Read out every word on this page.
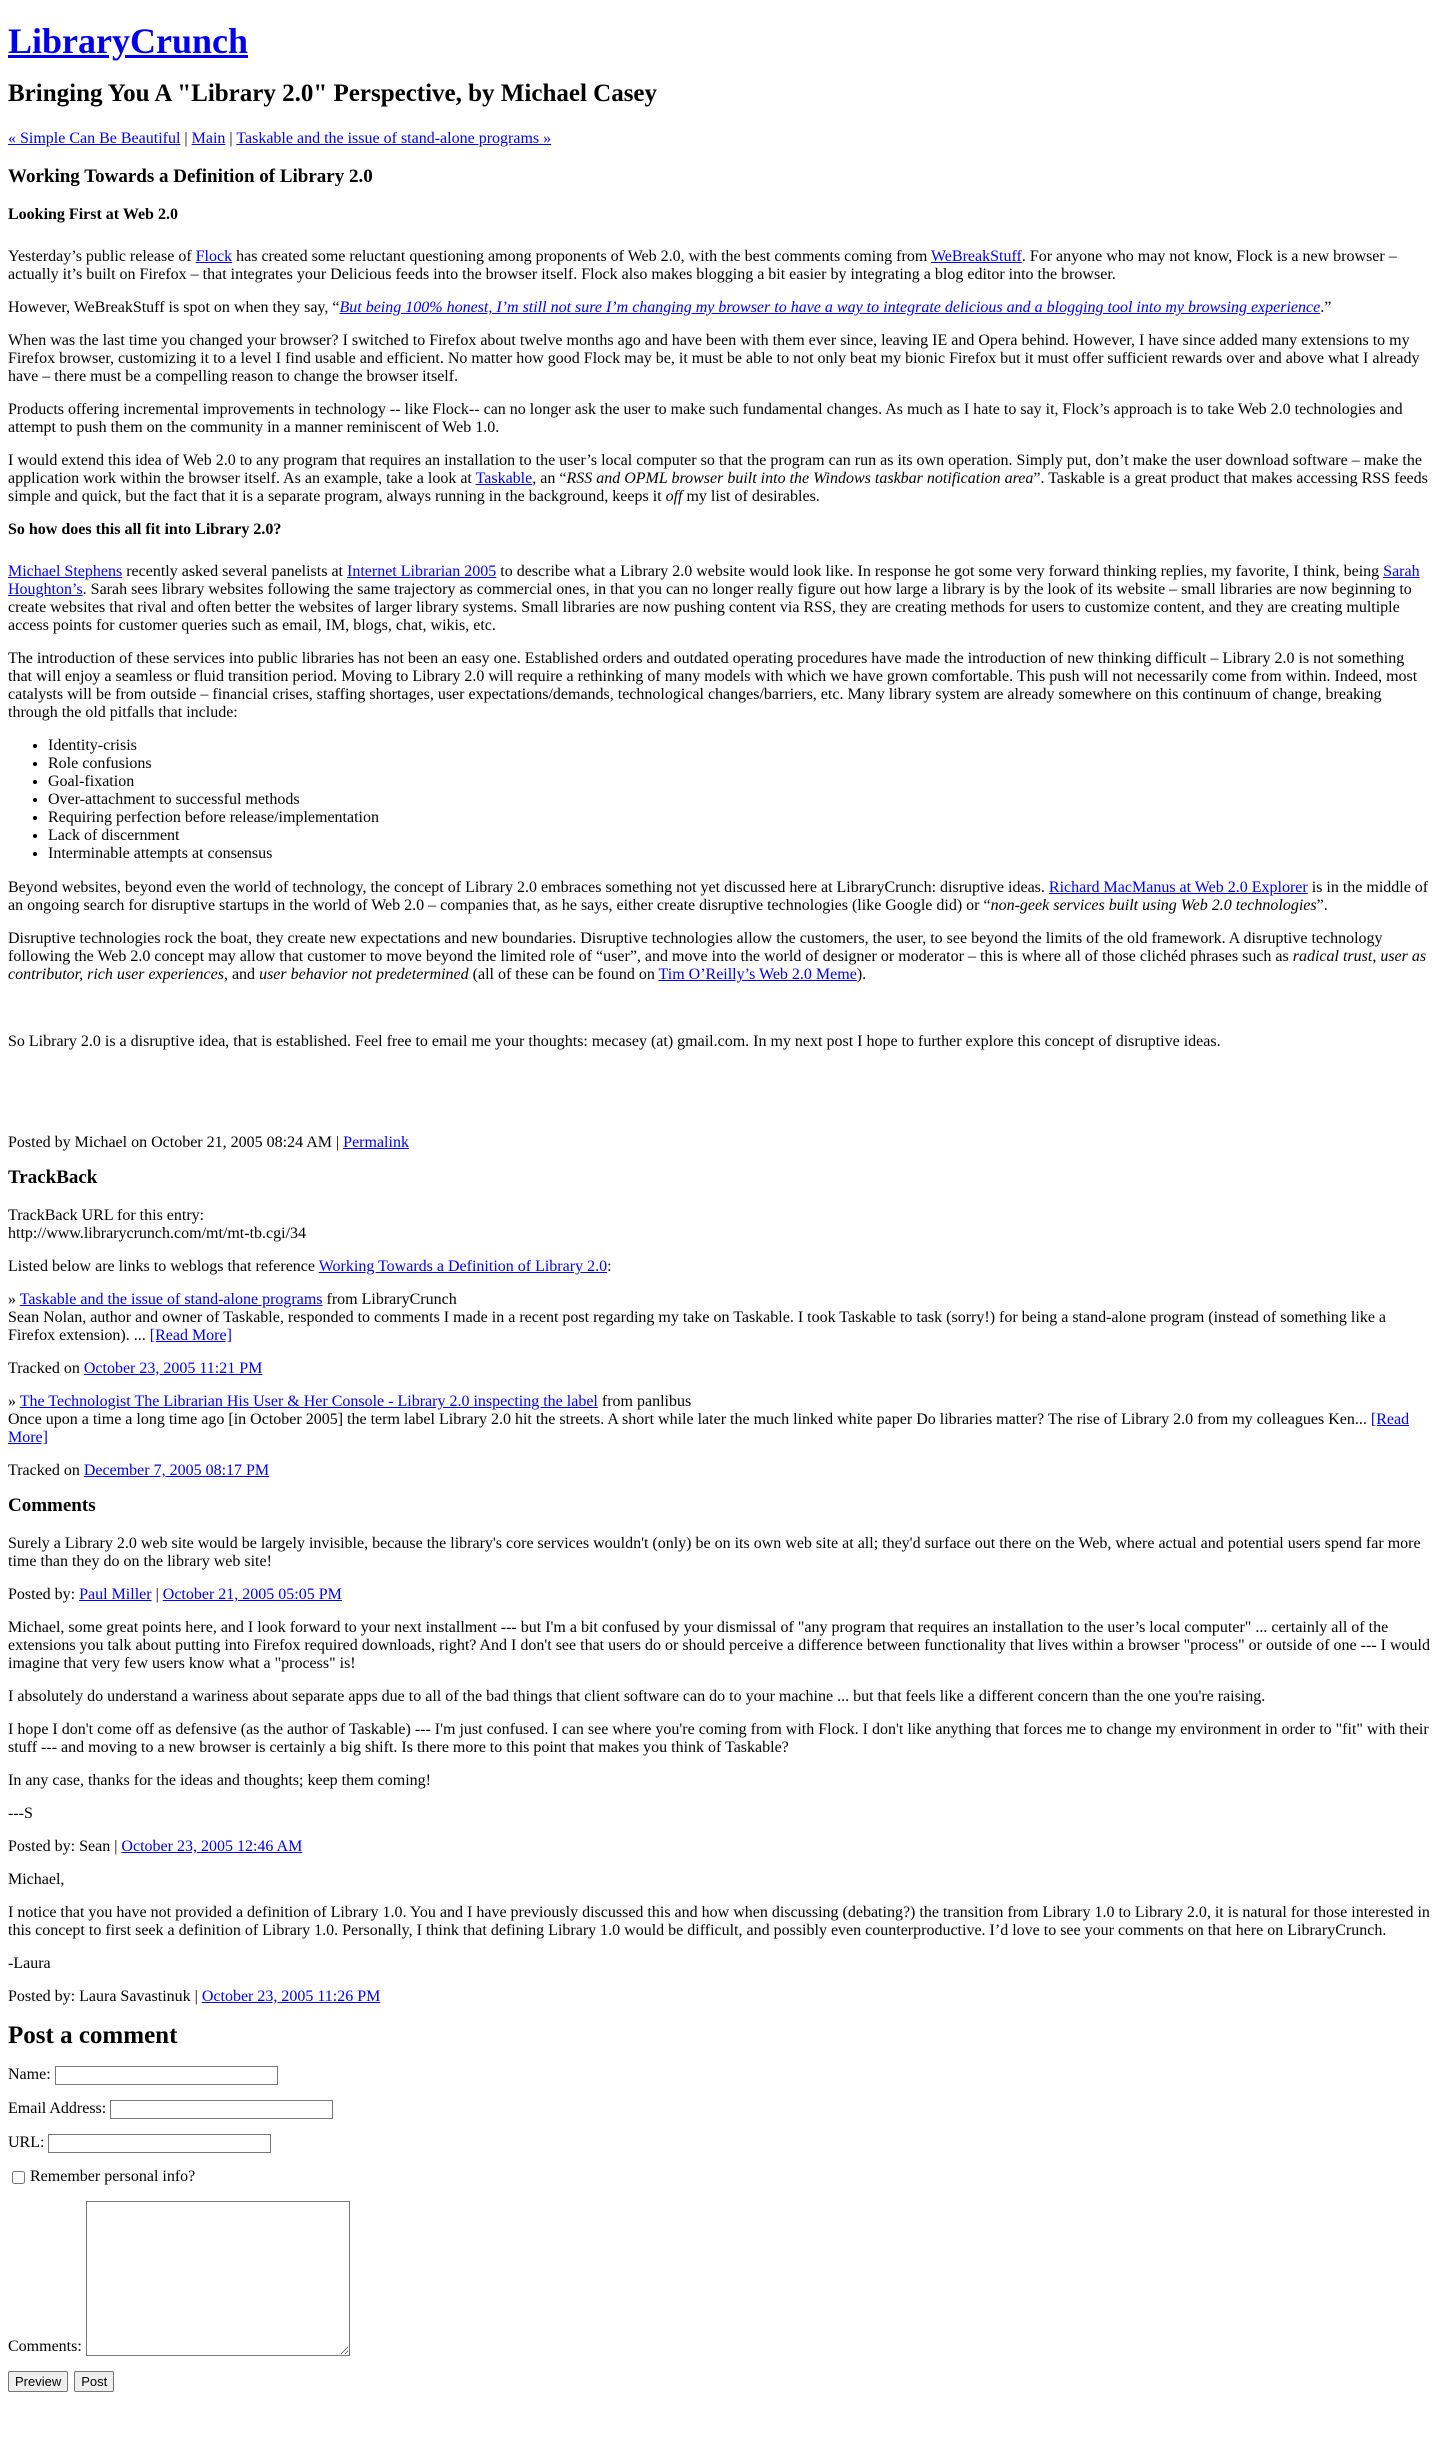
LibraryCrunch
Bringing You A "Library 2.0" Perspective, by Michael Casey
« Simple Can Be Beautiful | Main | Taskable and the issue of stand-alone programs »
Working Towards a Definition of Library 2.0
Looking First at Web 2.0

Yesterday’s public release of Flock has created some reluctant questioning among proponents of Web 2.0, with the best comments coming from WeBreakStuff. For anyone who may not know, Flock is a new browser – actually it’s built on Firefox – that integrates your Delicious feeds into the browser itself. Flock also makes blogging a bit easier by integrating a blog editor into the browser.

However, WeBreakStuff is spot on when they say, “But being 100% honest, I’m still not sure I’m changing my browser to have a way to integrate delicious and a blogging tool into my browsing experience.”

When was the last time you changed your browser? I switched to Firefox about twelve months ago and have been with them ever since, leaving IE and Opera behind. However, I have since added many extensions to my Firefox browser, customizing it to a level I find usable and efficient. No matter how good Flock may be, it must be able to not only beat my bionic Firefox but it must offer sufficient rewards over and above what I already have – there must be a compelling reason to change the browser itself.

Products offering incremental improvements in technology -- like Flock-- can no longer ask the user to make such fundamental changes. As much as I hate to say it, Flock’s approach is to take Web 2.0 technologies and attempt to push them on the community in a manner reminiscent of Web 1.0.

I would extend this idea of Web 2.0 to any program that requires an installation to the user’s local computer so that the program can run as its own operation. Simply put, don’t make the user download software – make the application work within the browser itself. As an example, take a look at Taskable, an “RSS and OPML browser built into the Windows taskbar notification area”. Taskable is a great product that makes accessing RSS feeds simple and quick, but the fact that it is a separate program, always running in the background, keeps it off my list of desirables.

So how does this all fit into Library 2.0?

Michael Stephens recently asked several panelists at Internet Librarian 2005 to describe what a Library 2.0 website would look like. In response he got some very forward thinking replies, my favorite, I think, being Sarah Houghton’s. Sarah sees library websites following the same trajectory as commercial ones, in that you can no longer really figure out how large a library is by the look of its website – small libraries are now beginning to create websites that rival and often better the websites of larger library systems. Small libraries are now pushing content via RSS, they are creating methods for users to customize content, and they are creating multiple access points for customer queries such as email, IM, blogs, chat, wikis, etc.

The introduction of these services into public libraries has not been an easy one. Established orders and outdated operating procedures have made the introduction of new thinking difficult – Library 2.0 is not something that will enjoy a seamless or fluid transition period. Moving to Library 2.0 will require a rethinking of many models with which we have grown comfortable. This push will not necessarily come from within. Indeed, most catalysts will be from outside – financial crises, staffing shortages, user expectations/demands, technological changes/barriers, etc. Many library system are already somewhere on this continuum of change, breaking through the old pitfalls that include:

• Identity-crisis
• Role confusions
• Goal-fixation
• Over-attachment to successful methods
• Requiring perfection before release/implementation
• Lack of discernment
• Interminable attempts at consensus

Beyond websites, beyond even the world of technology, the concept of Library 2.0 embraces something not yet discussed here at LibraryCrunch: disruptive ideas. Richard MacManus at Web 2.0 Explorer is in the middle of an ongoing search for disruptive startups in the world of Web 2.0 – companies that, as he says, either create disruptive technologies (like Google did) or “non-geek services built using Web 2.0 technologies”.

Disruptive technologies rock the boat, they create new expectations and new boundaries. Disruptive technologies allow the customers, the user, to see beyond the limits of the old framework. A disruptive technology following the Web 2.0 concept may allow that customer to move beyond the limited role of “user”, and move into the world of designer or moderator – this is where all of those clichéd phrases such as radical trust, user as contributor, rich user experiences, and user behavior not predetermined (all of these can be found on Tim O’Reilly’s Web 2.0 Meme).

So Library 2.0 is a disruptive idea, that is established. Feel free to email me your thoughts: mecasey (at) gmail.com. In my next post I hope to further explore this concept of disruptive ideas.

Posted by Michael on October 21, 2005 08:24 AM | Permalink

TrackBack

TrackBack URL for this entry:
http://www.librarycrunch.com/mt/mt-tb.cgi/34

Listed below are links to weblogs that reference Working Towards a Definition of Library 2.0:

» Taskable and the issue of stand-alone programs from LibraryCrunch
Sean Nolan, author and owner of Taskable, responded to comments I made in a recent post regarding my take on Taskable. I took Taskable to task (sorry!) for being a stand-alone program (instead of something like a Firefox extension). ... [Read More]

Tracked on October 23, 2005 11:21 PM

» The Technologist The Librarian His User & Her Console - Library 2.0 inspecting the label from panlibus
Once upon a time a long time ago [in October 2005] the term label Library 2.0 hit the streets. A short while later the much linked white paper Do libraries matter? The rise of Library 2.0 from my colleagues Ken... [Read More]

Tracked on December 7, 2005 08:17 PM

Comments

Surely a Library 2.0 web site would be largely invisible, because the library's core services wouldn't (only) be on its own web site at all; they'd surface out there on the Web, where actual and potential users spend far more time than they do on the library web site!

Posted by: Paul Miller | October 21, 2005 05:05 PM

Michael, some great points here, and I look forward to your next installment --- but I'm a bit confused by your dismissal of "any program that requires an installation to the user’s local computer" ... certainly all of the extensions you talk about putting into Firefox required downloads, right? And I don't see that users do or should perceive a difference between functionality that lives within a browser "process" or outside of one --- I would imagine that very few users know what a "process" is!

I absolutely do understand a wariness about separate apps due to all of the bad things that client software can do to your machine ... but that feels like a different concern than the one you're raising.

I hope I don't come off as defensive (as the author of Taskable) --- I'm just confused. I can see where you're coming from with Flock. I don't like anything that forces me to change my environment in order to "fit" with their stuff --- and moving to a new browser is certainly a big shift. Is there more to this point that makes you think of Taskable?

In any case, thanks for the ideas and thoughts; keep them coming!

---S

Posted by: Sean | October 23, 2005 12:46 AM

Michael,

I notice that you have not provided a definition of Library 1.0. You and I have previously discussed this and how when discussing (debating?) the transition from Library 1.0 to Library 2.0, it is natural for those interested in this concept to first seek a definition of Library 1.0. Personally, I think that defining Library 1.0 would be difficult, and possibly even counterproductive. I’d love to see your comments on that here on LibraryCrunch.

-Laura

Posted by: Laura Savastinuk | October 23, 2005 11:26 PM

Post a comment
Name:
Email Address:
URL:
Remember personal info?
Comments:
Preview Post
